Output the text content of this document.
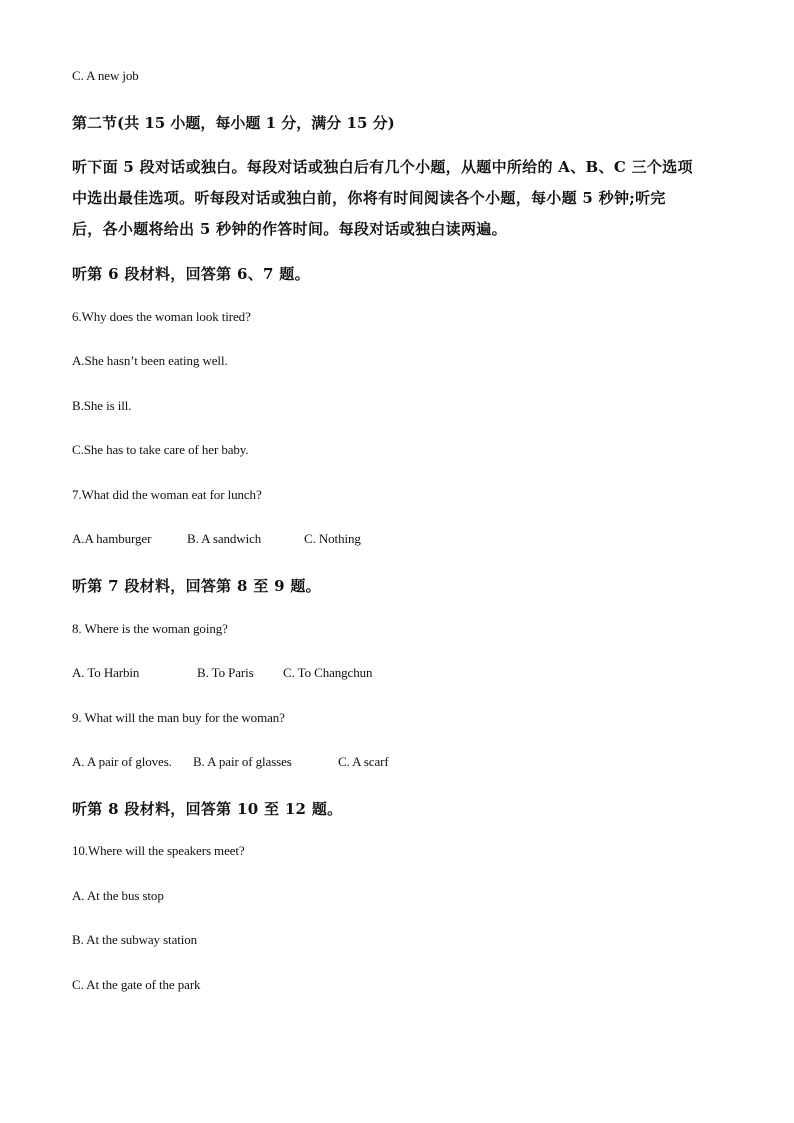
C. A new job
第二节(共 15 小题，每小题 1 分，满分 15 分)
听下面 5 段对话或独白。每段对话或独白后有几个小题，从题中所给的 A、B、C 三个选项
中选出最佳选项。听每段对话或独白前，你将有时间阅读各个小题，每小题 5 秒钟;听完
后，各小题将给出 5 秒钟的作答时间。每段对话或独白读两遍。
听第 6 段材料，回答第 6、7 题。
6.Why does the woman look tired?
A.She hasn’t been eating well.
B.She is ill.
C.She has to take care of her baby.
7.What did the woman eat for lunch?
A.A hamburger	B. A sandwich	C. Nothing
听第 7 段材料，回答第 8 至 9 题。
8. Where is the woman going?
A. To Harbin	B. To Paris C. To Changchun
9. What will the man buy for the woman?
A. A pair of gloves. B. A pair of glasses	C. A scarf
听第 8 段材料，回答第 10 至 12 题。
10.Where will the speakers meet?
A. At the bus stop
B. At the subway station
C. At the gate of the park
